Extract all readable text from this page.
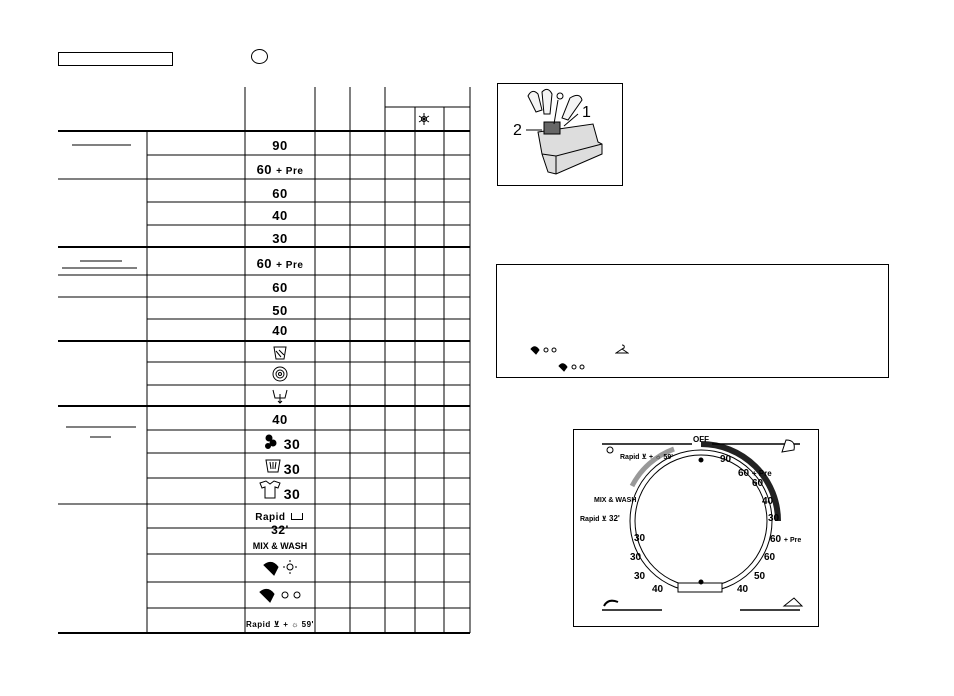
90
60 + Pre
60
40
30
60 + Pre
60
50
40
40
30
30
30
Rapid  32'
MIX & WASH
Rapid ⊻ + ☼ 59'
1
2
OFF
90
60 + Pre
60
40
30
60 + Pre
60
50
40
30
30
30
40
Rapid ⊻ + ☼ 59'
MIX & WASH
Rapid ⊻ 32'
